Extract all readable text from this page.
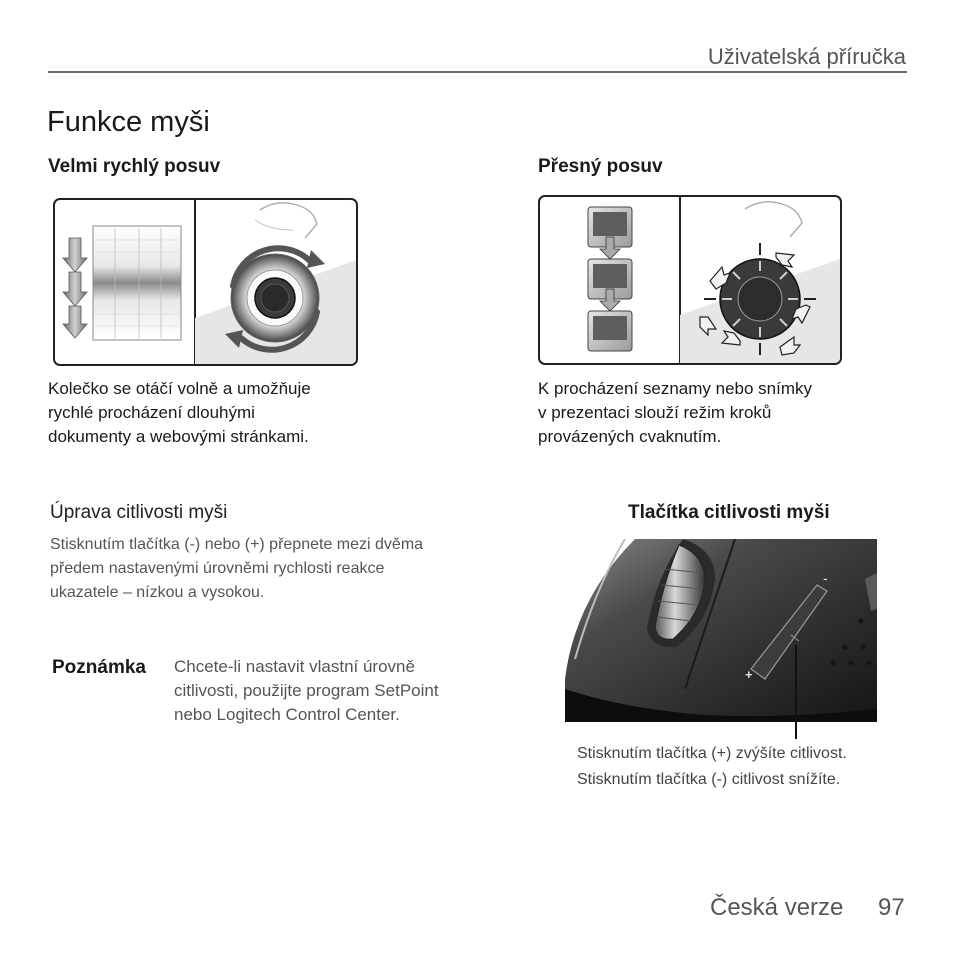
Uživatelská příručka
Funkce myši
Velmi rychlý posuv
Kolečko se otáčí volně a umožňuje
rychlé procházení dlouhými
dokumenty a webovými stránkami.
Přesný posuv
K procházení seznamy nebo snímky
v prezentaci slouží režim kroků
provázených cvaknutím.
Úprava citlivosti myši
Stisknutím tlačítka (-) nebo (+) přepnete mezi dvěma
předem nastavenými úrovněmi rychlosti reakce
ukazatele – nízkou a vysokou.
Tlačítka citlivosti myši
+
-
Stisknutím tlačítka (+) zvýšíte citlivost.
Stisknutím tlačítka (-) citlivost snížíte.
Poznámka Chcete-li nastavit vlastní úrovně
citlivosti, použijte program SetPoint
nebo Logitech Control Center.
Česká verze 97
